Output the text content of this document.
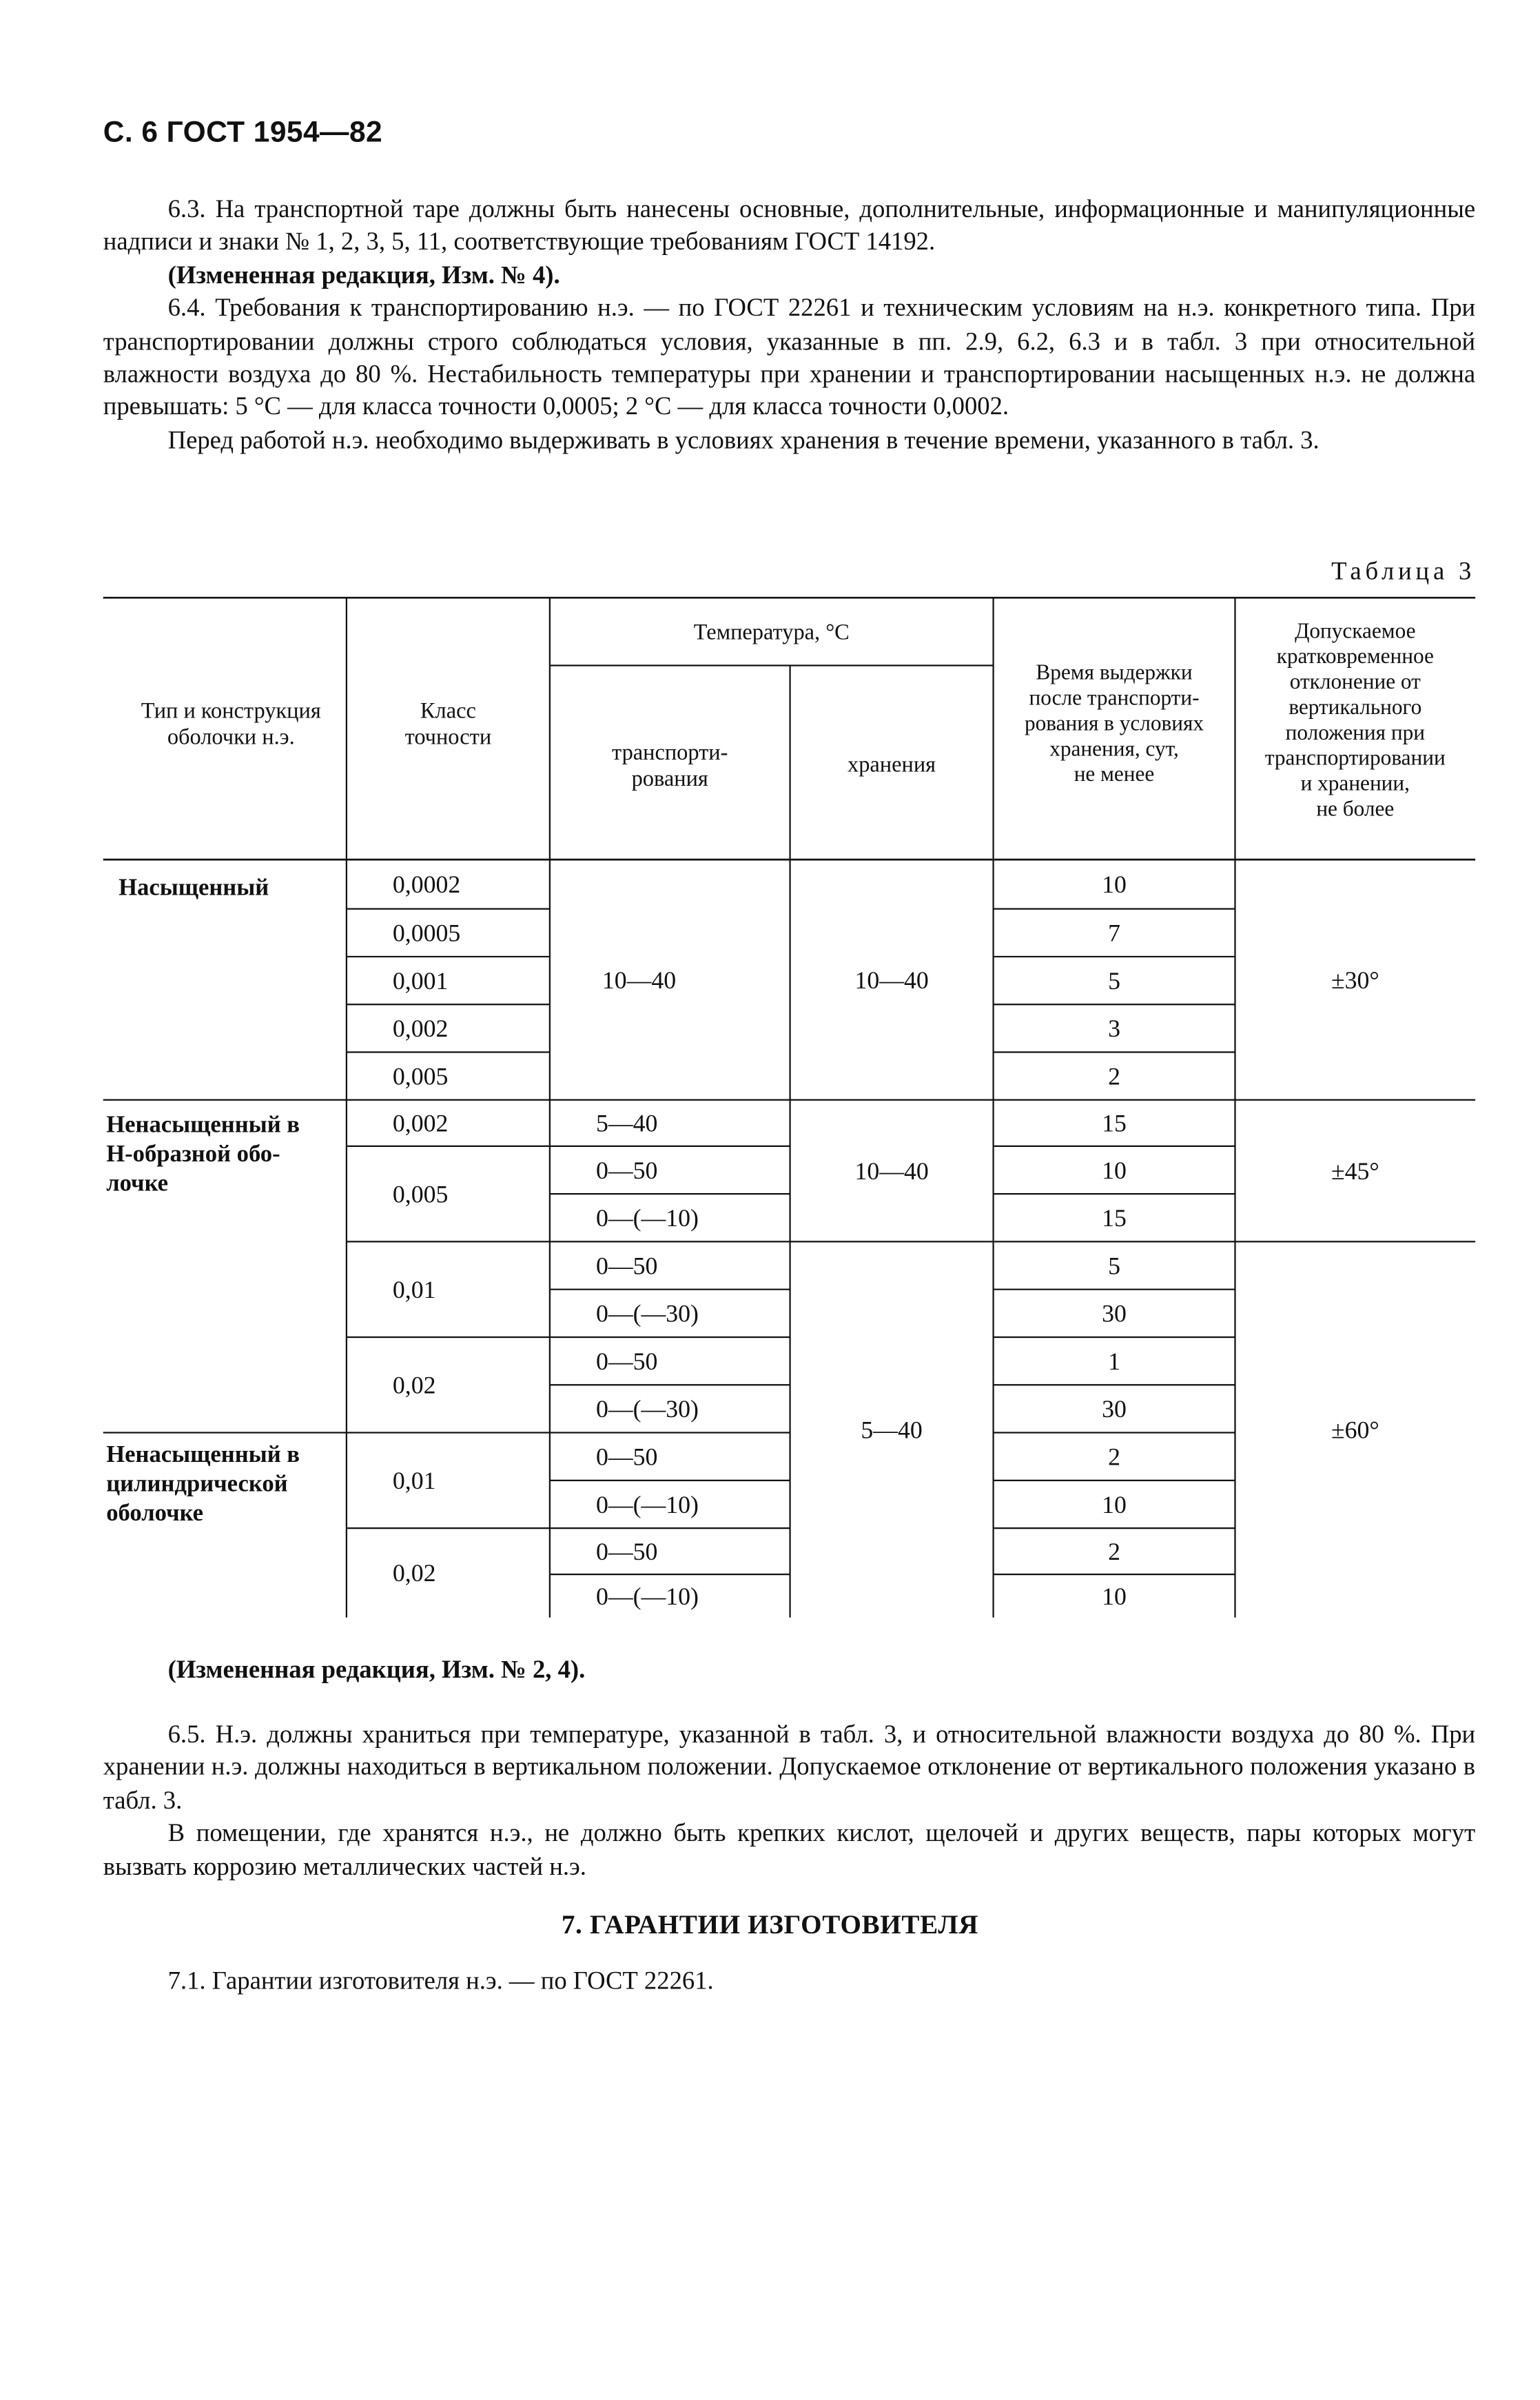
С. 6 ГОСТ 1954—82

6.3. На транспортной таре должны быть нанесены основные, дополнительные, информационные и манипуляционные надписи и знаки № 1, 2, 3, 5, 11, соответствующие требованиям ГОСТ 14192.

(Измененная редакция, Изм. № 4).

6.4. Требования к транспортированию н.э. — по ГОСТ 22261 и техническим условиям на н.э. конкретного типа. При транспортировании должны строго соблюдаться условия, указанные в пп. 2.9, 6.2, 6.3 и в табл. 3 при относительной влажности воздуха до 80 %. Нестабильность температуры при хранении и транспортировании насыщенных н.э. не должна превышать: 5 °С — для класса точности 0,0005; 2 °С — для класса точности 0,0002.

Перед работой н.э. необходимо выдерживать в условиях хранения в течение времени, указанного в табл. 3.

Таблица 3
Тип и конструкция
оболочки н.э.
Класс
точности
Температура, °С
транспорти-
рования
хранения
Время выдержки
после транспорти-
рования в условиях
хранения, сут,
не менее
Допускаемое
кратковременное
отклонение от
вертикального
положения при
транспортировании
и хранении,
не более
Насыщенный
Ненасыщенный в
Н-образной обо-
лочке
Ненасыщенный в
цилиндрической
оболочке
0,0002
0,0005
0,001
0,002
0,005
0,002
0,005
0,01
0,02
0,01
0,02
10—40
5—40
0—50
0—(—10)
0—50
0—(—30)
0—50
0—(—30)
0—50
0—(—10)
0—50
0—(—10)
10—40
10—40
5—40
10
7
5
3
2
15
10
15
5
30
1
30
2
10
2
10
±30°
±45°
±60°

(Измененная редакция, Изм. № 2, 4).

6.5. Н.э. должны храниться при температуре, указанной в табл. 3, и относительной влажности воздуха до 80 %. При хранении н.э. должны находиться в вертикальном положении. Допускаемое отклонение от вертикального положения указано в табл. 3.

В помещении, где хранятся н.э., не должно быть крепких кислот, щелочей и других веществ, пары которых могут вызвать коррозию металлических частей н.э.

7. ГАРАНТИИ ИЗГОТОВИТЕЛЯ

7.1. Гарантии изготовителя н.э. — по ГОСТ 22261.
